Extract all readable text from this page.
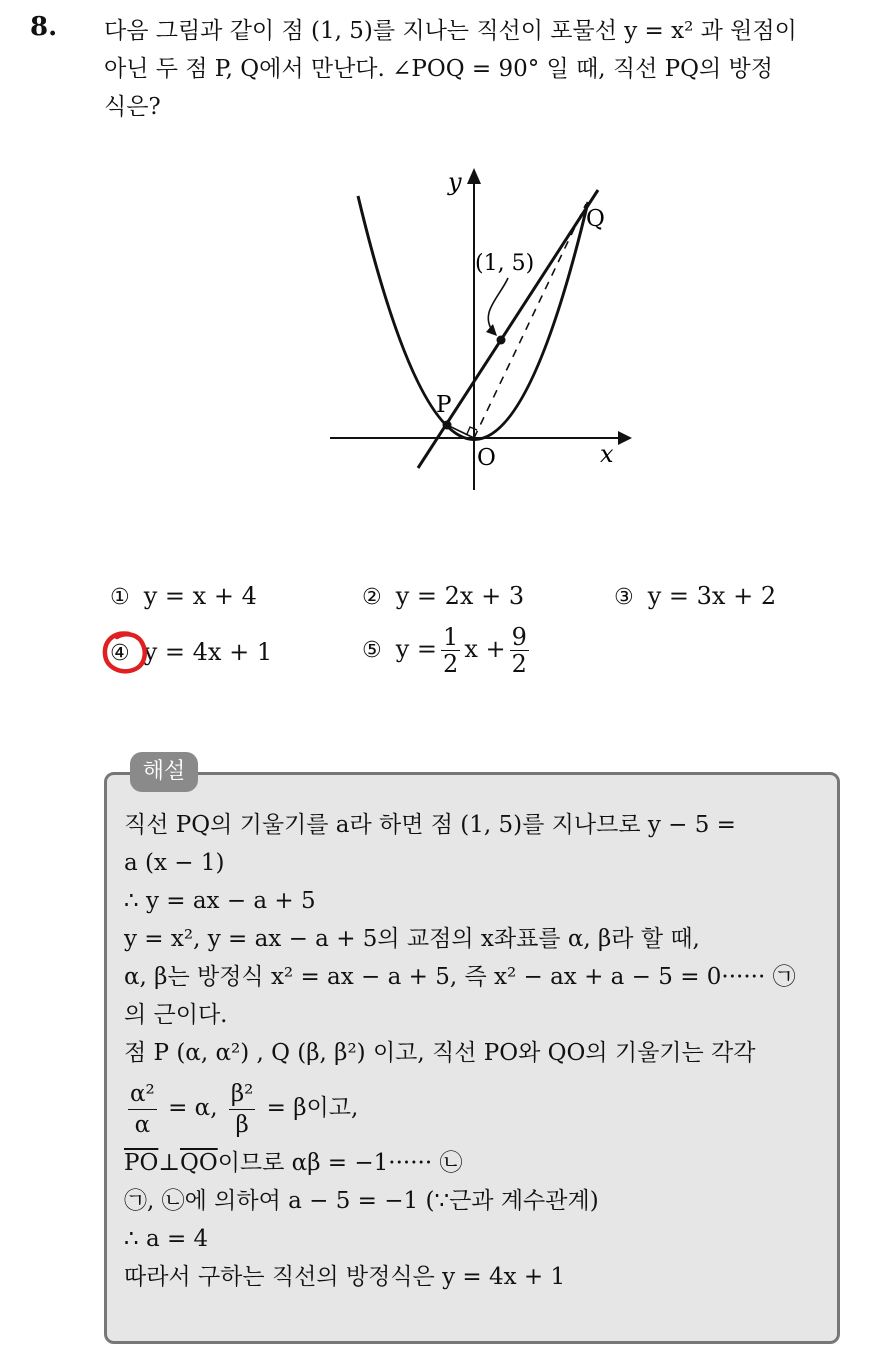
8. 다음 그림과 같이 점 (1, 5)를 지나는 직선이 포물선 y = x² 과 원점이
아닌 두 점 P, Q에서 만난다. ∠POQ = 90° 일 때, 직선 PQ의 방정
식은?
y
x
O
P
Q
(1, 5)
① y = x + 4	② y = 2x + 3	③ y = 3x + 2
④ y = 4x + 1	⑤ $y = \frac{1}{2}$ $x + \frac{9}{2}$
해설
직선 PQ의 기울기를 a라 하면 점 (1, 5)를 지나므로 y − 5 =
a (x − 1)
∴ y = ax − a + 5
y = x², y = ax − a + 5의 교점의 x좌표를 α, β라 할 때,
α, β는 방정식 x² = ax − a + 5, 즉 x² − ax + a − 5 = 0······ ㉠
의 근이다.
점 P (α, α²) , Q (β, β²) 이고, 직선 PO와 QO의 기울기는 각각
$\frac{\text{α²}}{\alpha} = \alpha$, $\frac{\text{β²}}{\beta} = \beta$이고,
$\overline{PO}\perp\overline{QO}$이므로 αβ = −1······ ㉡
㉠, ㉡에 의하여 a − 5 = −1 (∵근과 계수관계)
∴ a = 4
따라서 구하는 직선의 방정식은 y = 4x + 1
